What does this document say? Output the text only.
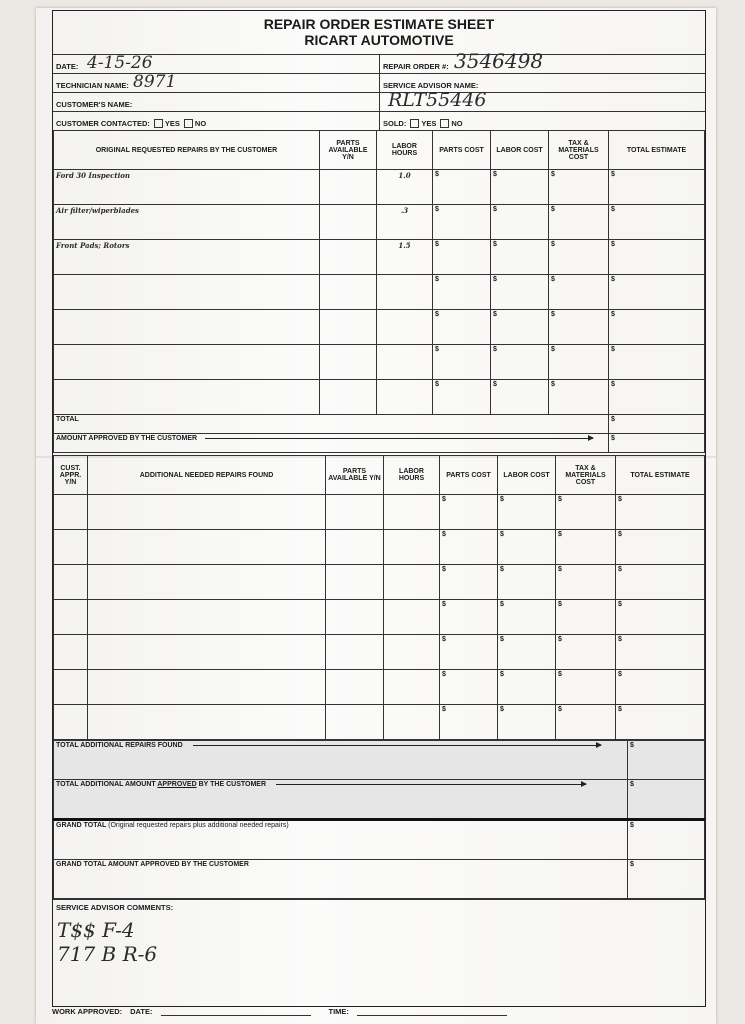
REPAIR ORDER ESTIMATE SHEET
RICART AUTOMOTIVE
DATE: 4-15-26	REPAIR ORDER #: 3546498
TECHNICIAN NAME: 8971	SERVICE ADVISOR NAME:
CUSTOMER'S NAME:	RLT55446
CUSTOMER CONTACTED: YES NO	SOLD: YES NO
ORIGINAL REQUESTED REPAIRS BY THE CUSTOMER	PARTS AVAILABLE Y/N	LABOR HOURS	PARTS COST	LABOR COST	TAX & MATERIALS COST	TOTAL ESTIMATE
Ford 30 Inspection		1.0	$	$	$	$
Air filter/wiperblades		.3	$	$	$	$
Front Pads; Rotors		1.5	$	$	$	$
			$	$	$	$
			$	$	$	$
			$	$	$	$
			$	$	$	$
TOTAL						$
AMOUNT APPROVED BY THE CUSTOMER						$
CUST. APPR. Y/N	ADDITIONAL NEEDED REPAIRS FOUND	PARTS AVAILABLE Y/N	LABOR HOURS	PARTS COST	LABOR COST	TAX & MATERIALS COST	TOTAL ESTIMATE
				$	$	$	$
				$	$	$	$
				$	$	$	$
				$	$	$	$
				$	$	$	$
				$	$	$	$
				$	$	$	$
TOTAL ADDITIONAL REPAIRS FOUND	$
TOTAL ADDITIONAL AMOUNT APPROVED BY THE CUSTOMER	$
GRAND TOTAL (Original requested repairs plus additional needed repairs)	$
GRAND TOTAL AMOUNT APPROVED BY THE CUSTOMER	$
SERVICE ADVISOR COMMENTS:
T$$ F-4
717 B R-6
WORK APPROVED: DATE:	TIME:
